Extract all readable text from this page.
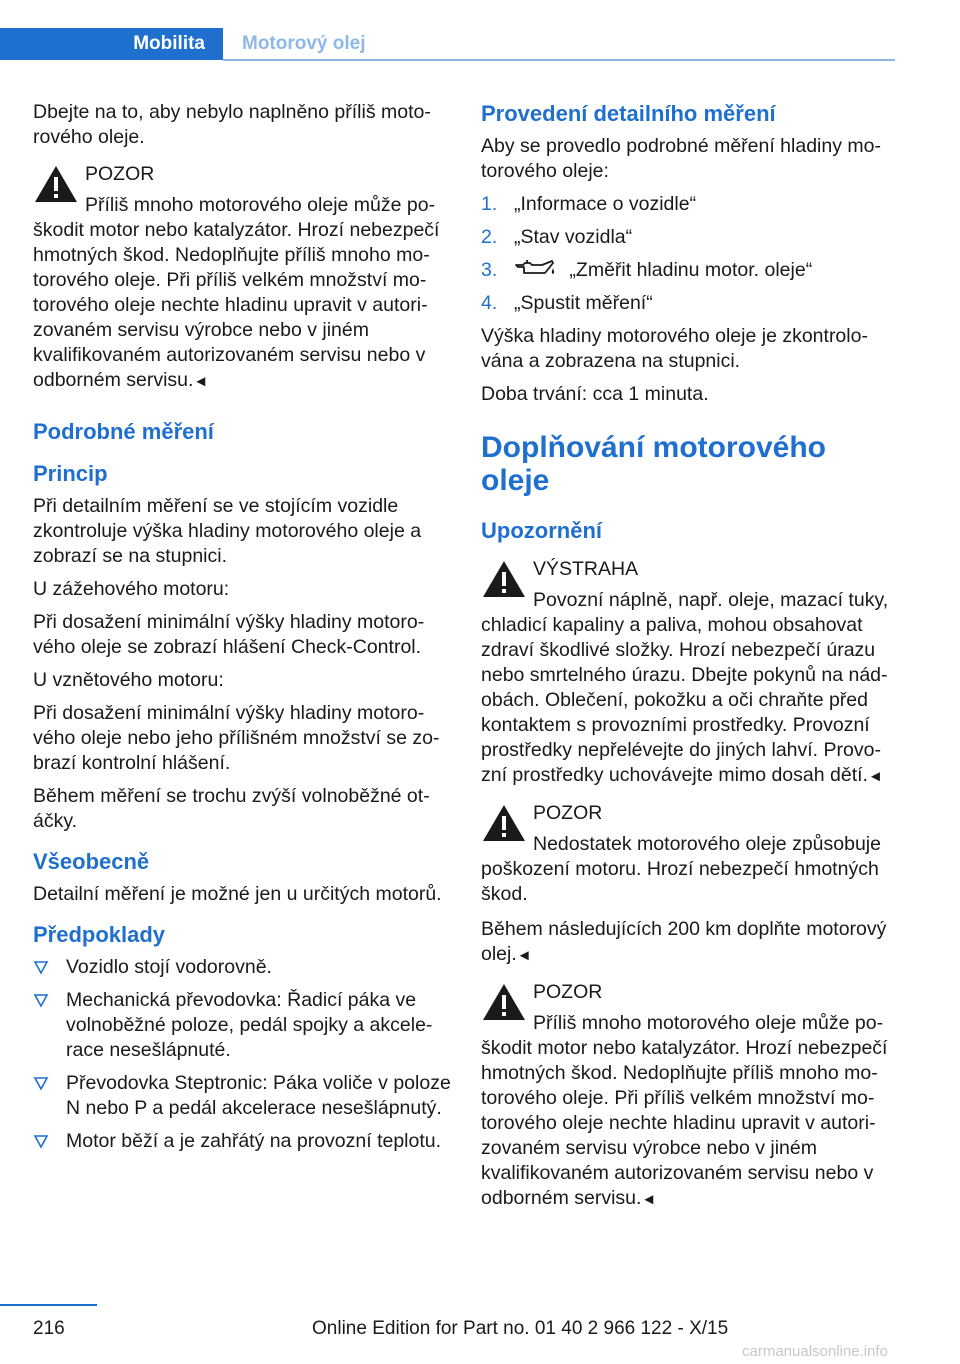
Mobilita Motorový olej

Dbejte na to, aby nebylo naplněno příliš motorového oleje.

POZOR

Příliš mnoho motorového oleje může poškodit motor nebo katalyzátor. Hrozí nebezpečí hmotných škod. Nedoplňujte příliš mnoho motorového oleje. Při příliš velkém množství motorového oleje nechte hladinu upravit v autorizovaném servisu výrobce nebo v jiném kvalifikovaném autorizovaném servisu nebo v odborném servisu.◄

Podrobné měření
Princip

Při detailním měření se ve stojícím vozidle zkontroluje výška hladiny motorového oleje a zobrazí se na stupnici.

U zážehového motoru:

Při dosažení minimální výšky hladiny motorového oleje se zobrazí hlášení Check-Control.

U vznětového motoru:

Při dosažení minimální výšky hladiny motorového oleje nebo jeho přílišném množství se zobrazí kontrolní hlášení.

Během měření se trochu zvýší volnoběžné otáčky.

Všeobecně

Detailní měření je možné jen u určitých motorů.

Předpoklady
Vozidlo stojí vodorovně.
Mechanická převodovka: Řadicí páka ve volnoběžné poloze, pedál spojky a akcelerace nesešlápnuté.
Převodovka Steptronic: Páka voliče v poloze N nebo P a pedál akcelerace nesešlápnutý.
Motor běží a je zahřátý na provozní teplotu.
Provedení detailního měření

Aby se provedlo podrobné měření hladiny motorového oleje:

1. „Informace o vozidle“
2. „Stav vozidla“
3.	„Změřit hladinu motor. oleje“
4. „Spustit měření“

Výška hladiny motorového oleje je zkontrolována a zobrazena na stupnici.

Doba trvání: cca 1 minuta.

Doplňování motorového oleje
Upozornění
VÝSTRAHA

Povozní náplně, např. oleje, mazací tuky, chladicí kapaliny a paliva, mohou obsahovat zdraví škodlivé složky. Hrozí nebezpečí úrazu nebo smrtelného úrazu. Dbejte pokynů na nádobách. Oblečení, pokožku a oči chraňte před kontaktem s provozními prostředky. Provozní prostředky nepřelévejte do jiných lahví. Provozní prostředky uchovávejte mimo dosah dětí.◄

POZOR

Nedostatek motorového oleje způsobuje poškození motoru. Hrozí nebezpečí hmotných škod.

Během následujících 200 km doplňte motorový olej.◄

POZOR

Příliš mnoho motorového oleje může poškodit motor nebo katalyzátor. Hrozí nebezpečí hmotných škod. Nedoplňujte příliš mnoho motorového oleje. Při příliš velkém množství motorového oleje nechte hladinu upravit v autorizovaném servisu výrobce nebo v jiném kvalifikovaném autorizovaném servisu nebo v odborném servisu.◄

216	Online Edition for Part no. 01 40 2 966 122 - X/15
carmanualsonline.info
